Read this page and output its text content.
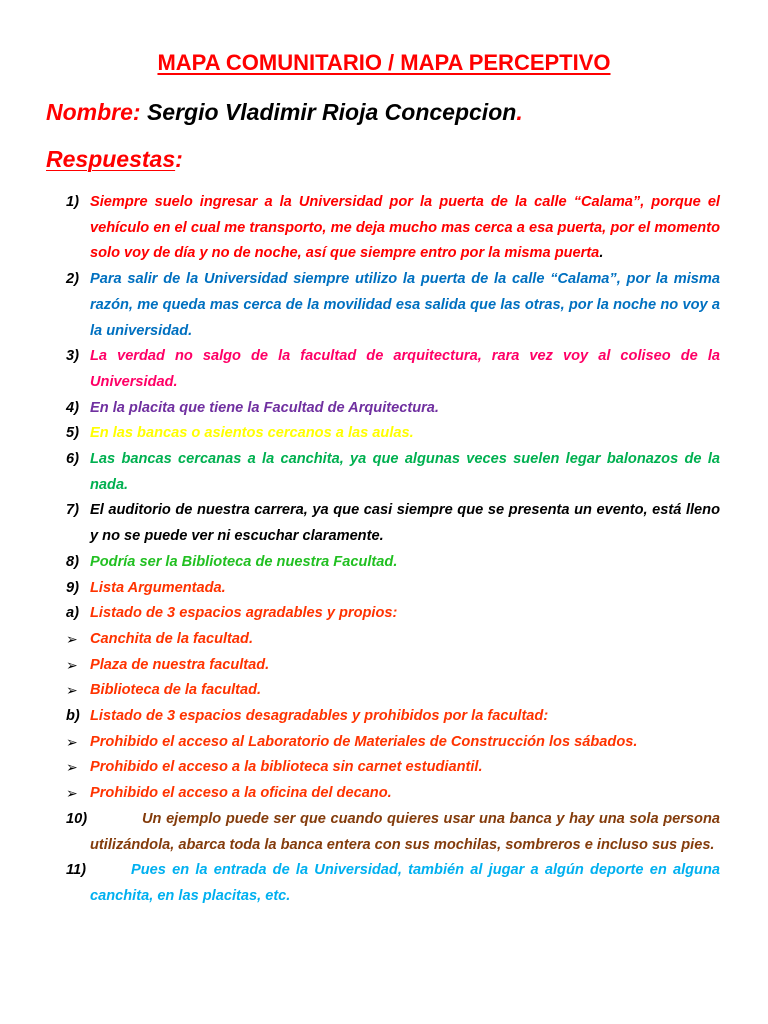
MAPA COMUNITARIO / MAPA PERCEPTIVO
Nombre: Sergio Vladimir Rioja Concepcion.
Respuestas:
1) Siempre suelo ingresar a la Universidad por la puerta de la calle “Calama”, porque el vehículo en el cual me transporto, me deja mucho mas cerca a esa puerta, por el momento solo voy de día y no de noche, así que siempre entro por la misma puerta.
2) Para salir de la Universidad siempre utilizo la puerta de la calle “Calama”, por la misma razón, me queda mas cerca de la movilidad esa salida que las otras, por la noche no voy a la universidad.
3) La verdad no salgo de la facultad de arquitectura, rara vez voy al coliseo de la Universidad.
4) En la placita que tiene la Facultad de Arquitectura.
5) En las bancas o asientos cercanos a las aulas.
6) Las bancas cercanas a la canchita, ya que algunas veces suelen legar balonazos de la nada.
7) El auditorio de nuestra carrera, ya que casi siempre que se presenta un evento, está lleno y no se puede ver ni escuchar claramente.
8) Podría ser la Biblioteca de nuestra Facultad.
9) Lista Argumentada.
a) Listado de 3 espacios agradables y propios:
➢ Canchita de la facultad.
➢ Plaza de nuestra facultad.
➢ Biblioteca de la facultad.
b) Listado de 3 espacios desagradables y prohibidos por la facultad:
➢ Prohibido el acceso al Laboratorio de Materiales de Construcción los sábados.
➢ Prohibido el acceso a la biblioteca sin carnet estudiantil.
➢ Prohibido el acceso a la oficina del decano.
10)	Un ejemplo puede ser que cuando quieres usar una banca y hay una sola persona utilizándola, abarca toda la banca entera con sus mochilas, sombreros e incluso sus pies.
11)	Pues en la entrada de la Universidad, también al jugar a algún deporte en alguna canchita, en las placitas, etc.
